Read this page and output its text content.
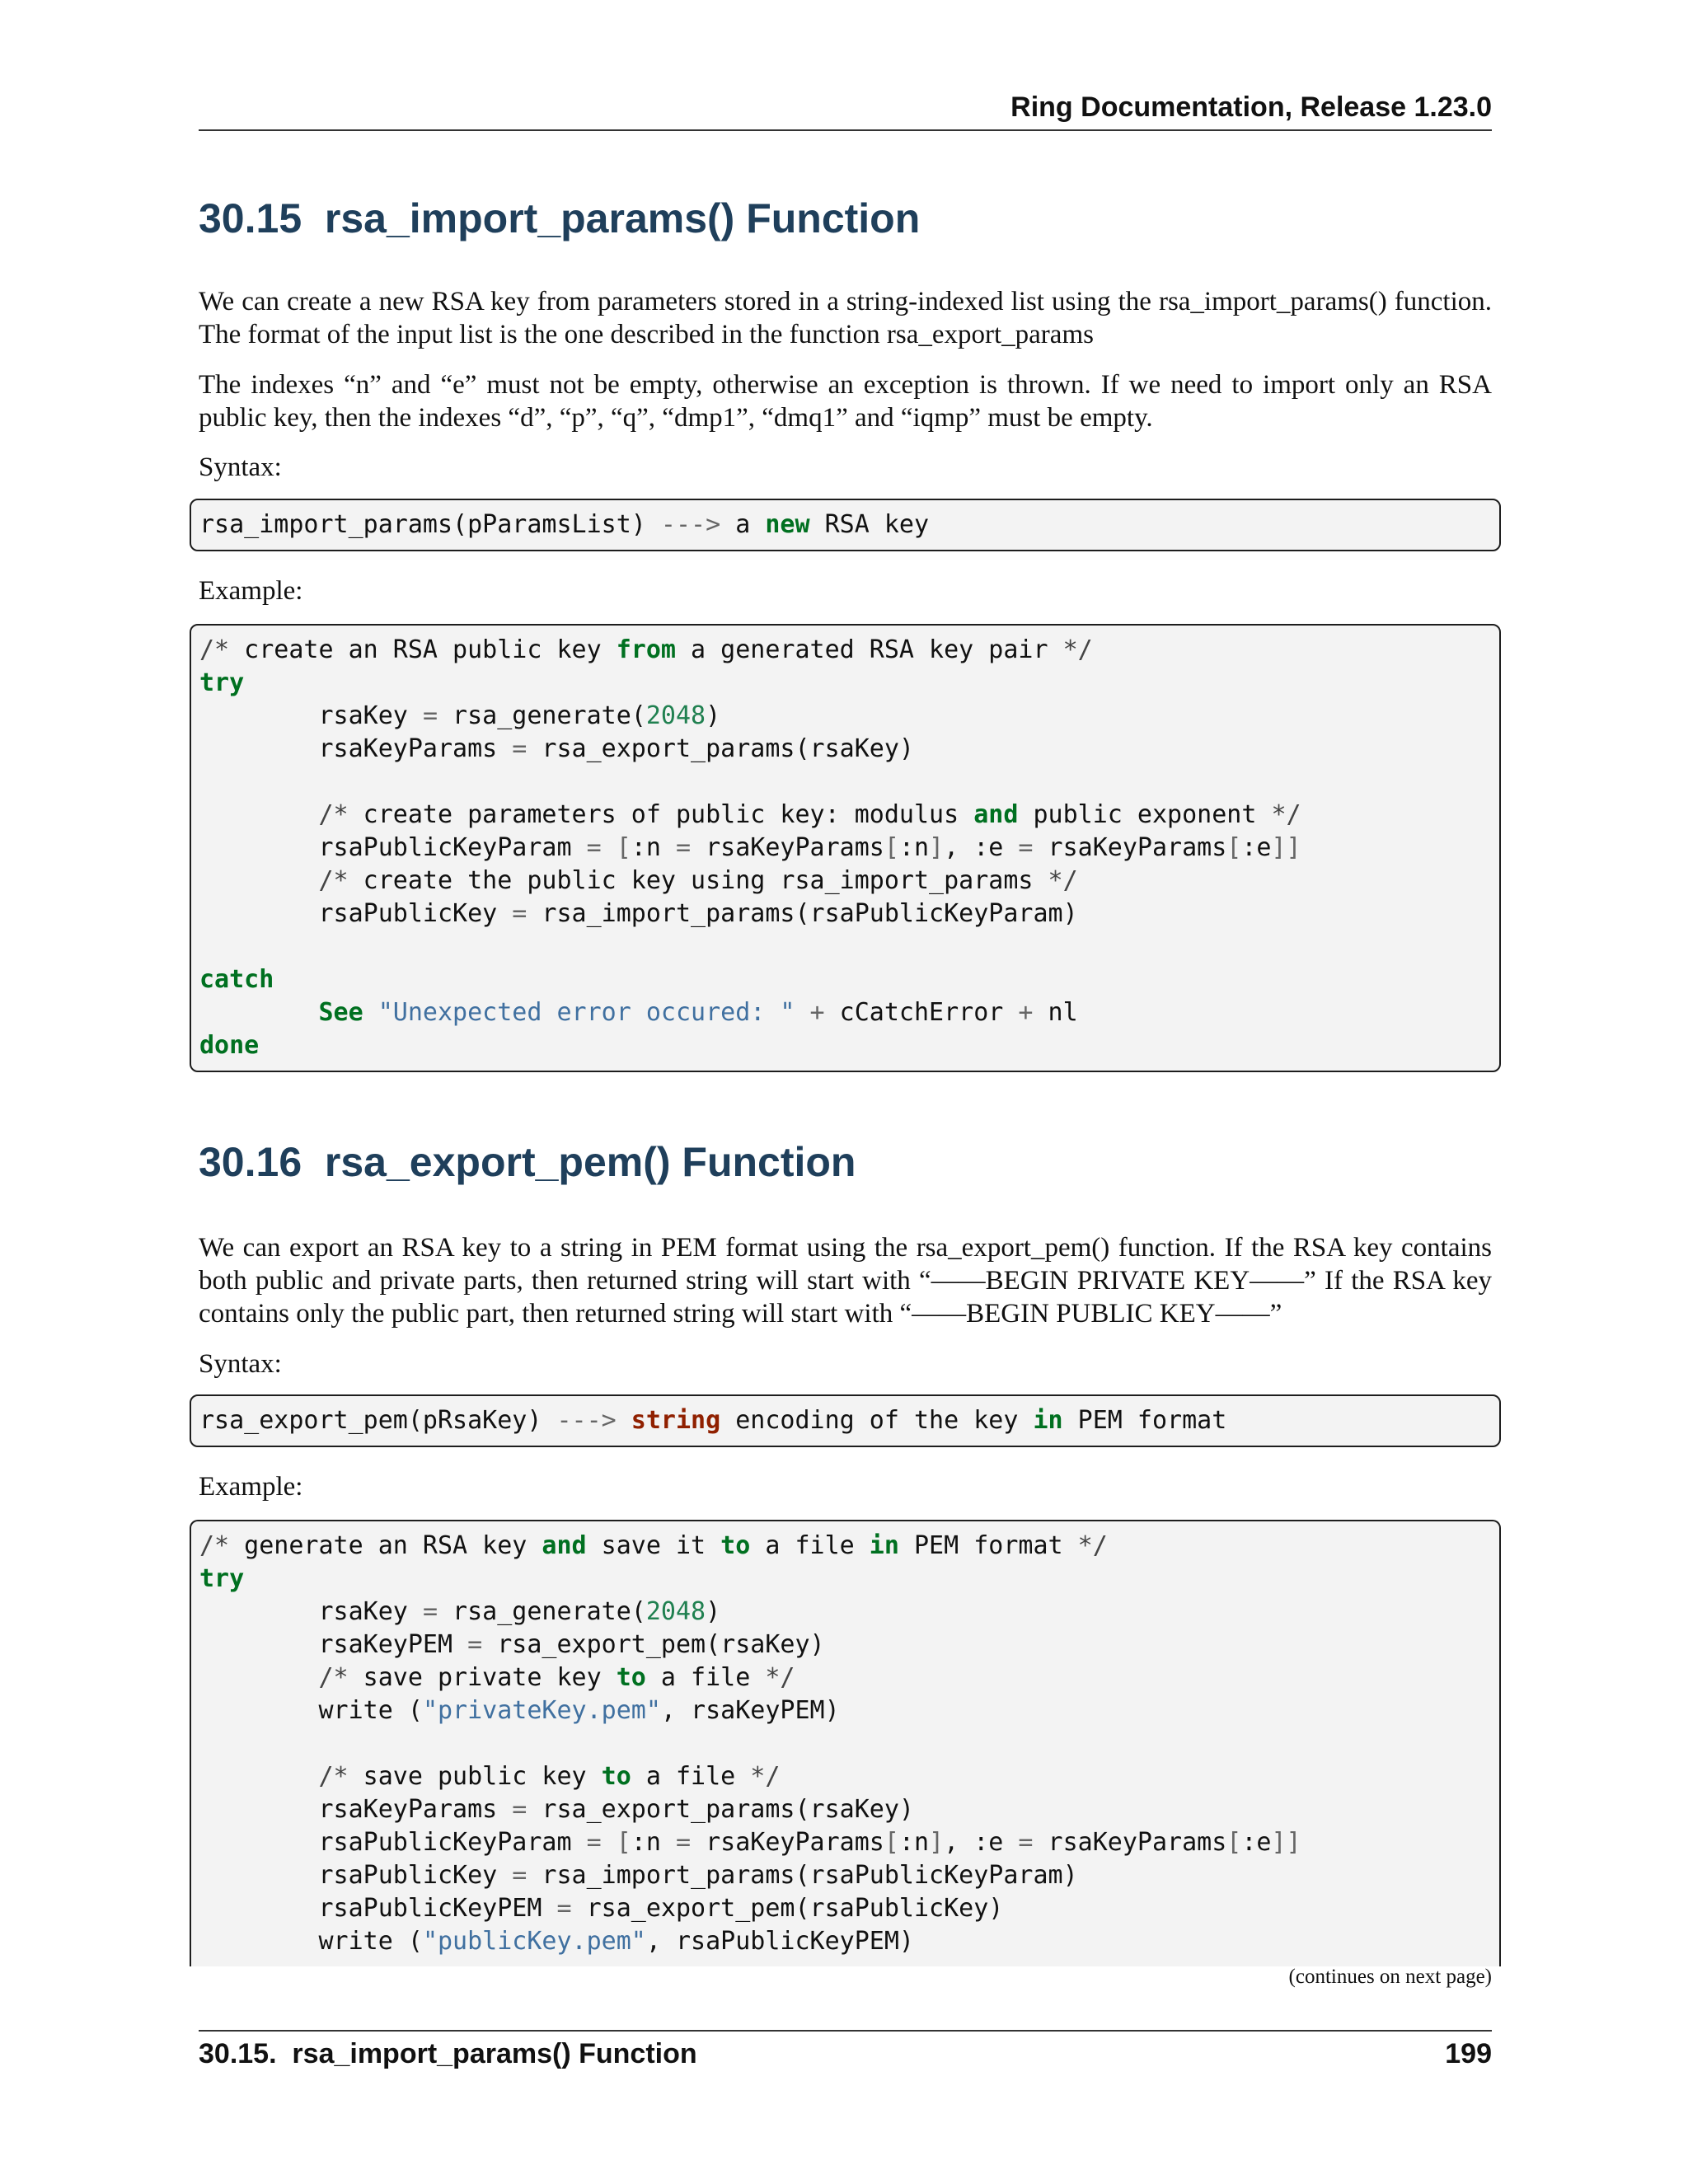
Ring Documentation, Release 1.23.0
30.15  rsa_import_params() Function

We can create a new RSA key from parameters stored in a string-indexed list using the rsa_import_params() function. The format of the input list is the one described in the function rsa_export_params

The indexes “n” and “e” must not be empty, otherwise an exception is thrown. If we need to import only an RSA public key, then the indexes “d”, “p”, “q”, “dmp1”, “dmq1” and “iqmp” must be empty.

Syntax:

rsa_import_params(pParamsList) ---> a new RSA key

Example:

/* create an RSA public key from a generated RSA key pair */
try
rsaKey = rsa_generate(2048)
rsaKeyParams = rsa_export_params(rsaKey)
/* create parameters of public key: modulus and public exponent */
rsaPublicKeyParam = [:n = rsaKeyParams[:n], :e = rsaKeyParams[:e]]
/* create the public key using rsa_import_params */
rsaPublicKey = rsa_import_params(rsaPublicKeyParam)
catch
See "Unexpected error occured: " + cCatchError + nl
done
30.16  rsa_export_pem() Function

We can export an RSA key to a string in PEM format using the rsa_export_pem() function. If the RSA key contains both public and private parts, then returned string will start with “——BEGIN PRIVATE KEY——” If the RSA key contains only the public part, then returned string will start with “——BEGIN PUBLIC KEY——”

Syntax:

rsa_export_pem(pRsaKey) ---> string encoding of the key in PEM format

Example:

/* generate an RSA key and save it to a file in PEM format */
try
rsaKey = rsa_generate(2048)
rsaKeyPEM = rsa_export_pem(rsaKey)
/* save private key to a file */
write ("privateKey.pem", rsaKeyPEM)
/* save public key to a file */
rsaKeyParams = rsa_export_params(rsaKey)
rsaPublicKeyParam = [:n = rsaKeyParams[:n], :e = rsaKeyParams[:e]]
rsaPublicKey = rsa_import_params(rsaPublicKeyParam)
rsaPublicKeyPEM = rsa_export_pem(rsaPublicKey)
write ("publicKey.pem", rsaPublicKeyPEM)
(continues on next page)
30.15.  rsa_import_params() Function	199
